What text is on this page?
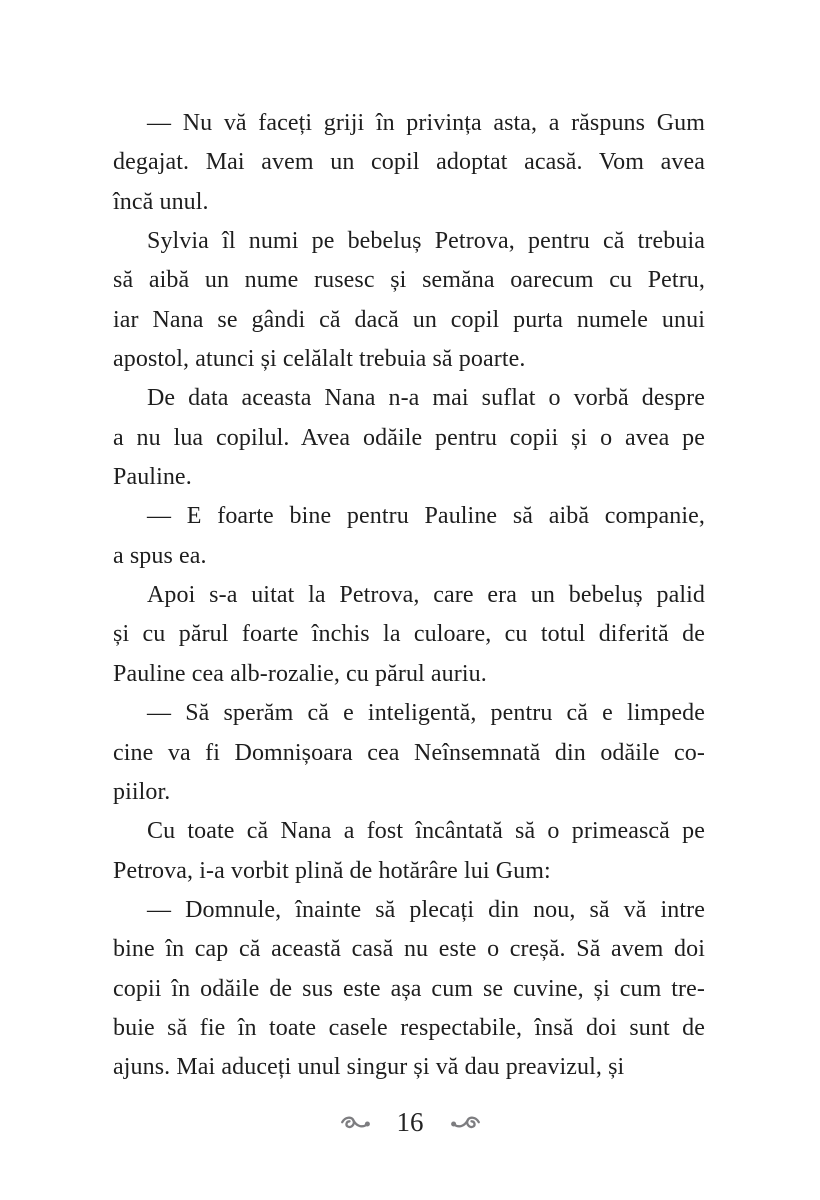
— Nu vă faceți griji în privința asta, a răspuns Gum
degajat. Mai avem un copil adoptat acasă. Vom avea
încă unul.
Sylvia îl numi pe bebeluș Petrova, pentru că trebuia
să aibă un nume rusesc și semăna oarecum cu Petru,
iar Nana se gândi că dacă un copil purta numele unui
apostol, atunci și celălalt trebuia să poarte.
De data aceasta Nana n-a mai suflat o vorbă despre
a nu lua copilul. Avea odăile pentru copii și o avea pe
Pauline.
— E foarte bine pentru Pauline să aibă companie,
a spus ea.
Apoi s-a uitat la Petrova, care era un bebeluș palid
și cu părul foarte închis la culoare, cu totul diferită de
Pauline cea alb-rozalie, cu părul auriu.
— Să sperăm că e inteligentă, pentru că e limpede
cine va fi Domnișoara cea Neînsemnată din odăile co-
piilor.
Cu toate că Nana a fost încântată să o primească pe
Petrova, i-a vorbit plină de hotărâre lui Gum:
— Domnule, înainte să plecați din nou, să vă intre
bine în cap că această casă nu este o creșă. Să avem doi
copii în odăile de sus este așa cum se cuvine, și cum tre-
buie să fie în toate casele respectabile, însă doi sunt de
ajuns. Mai aduceți unul singur și vă dau preavizul, și
16
